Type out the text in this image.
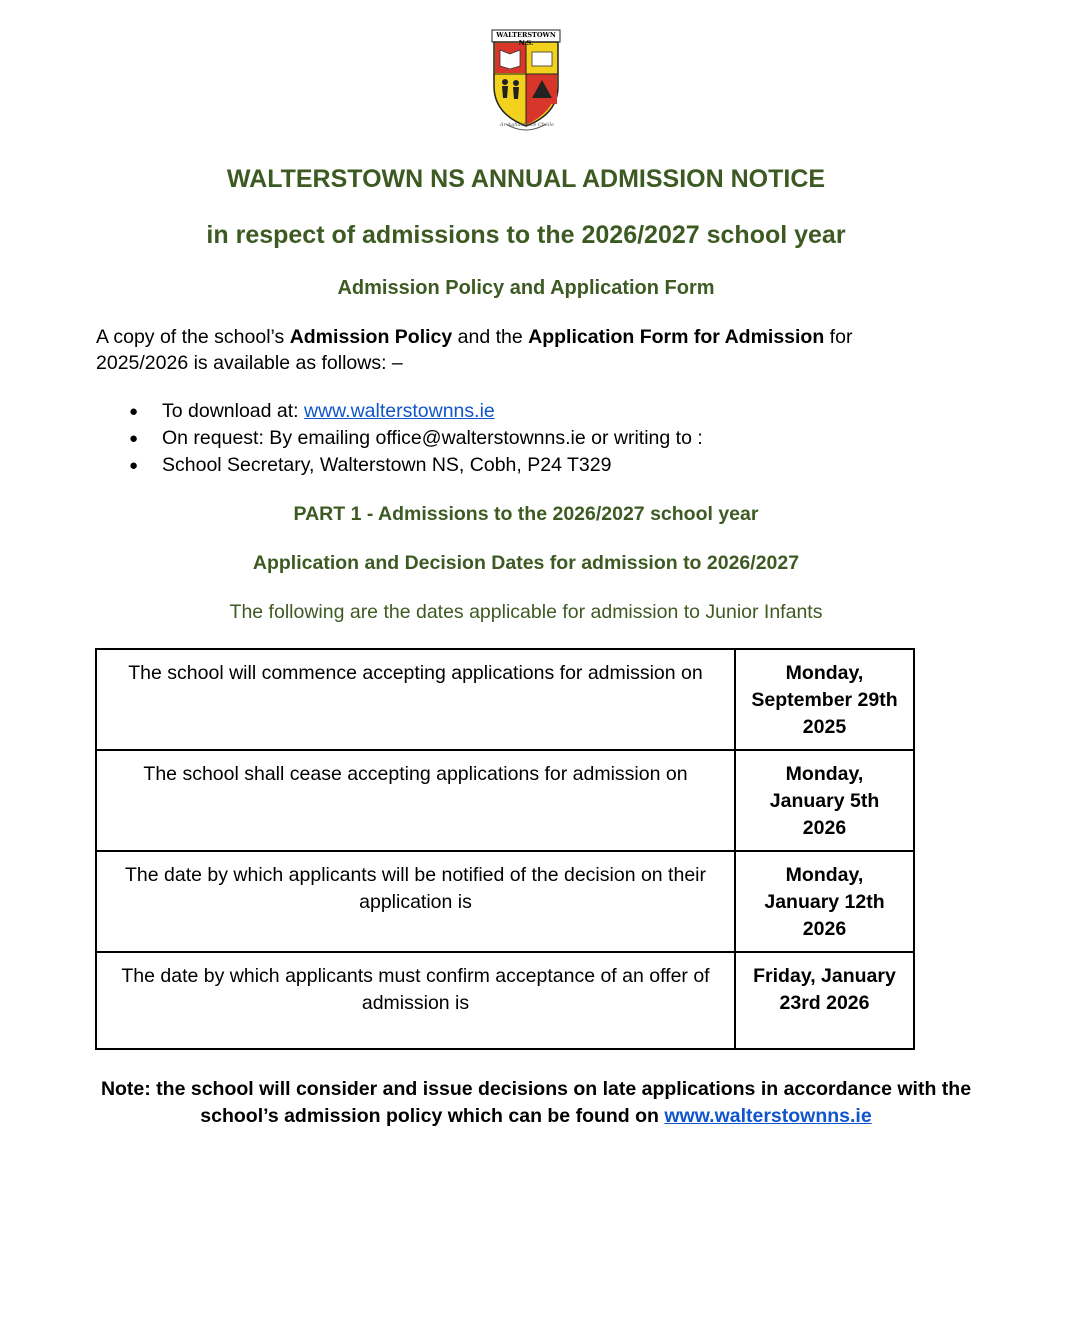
WALTERSTOWN N.S.
Ár Aghaidh Le Chéile
WALTERSTOWN NS ANNUAL ADMISSION NOTICE
in respect of admissions to the 2026/2027 school year
Admission Policy and Application Form
A copy of the school’s Admission Policy and the Application Form for Admission for 2025/2026 is available as follows: –
● To download at: www.walterstownns.ie
● On request: By emailing office@walterstownns.ie or writing to :
● School Secretary, Walterstown NS, Cobh, P24 T329
PART 1 - Admissions to the 2026/2027 school year
Application and Decision Dates for admission to 2026/2027
The following are the dates applicable for admission to Junior Infants
The school will commence accepting applications for admission on	Monday, September 29th 2025
The school shall cease accepting applications for admission on	Monday, January 5th 2026
The date by which applicants will be notified of the decision on their application is	Monday, January 12th 2026
The date by which applicants must confirm acceptance of an offer of admission is	Friday, January 23rd 2026
Note: the school will consider and issue decisions on late applications in accordance with the school’s admission policy which can be found on www.walterstownns.ie
